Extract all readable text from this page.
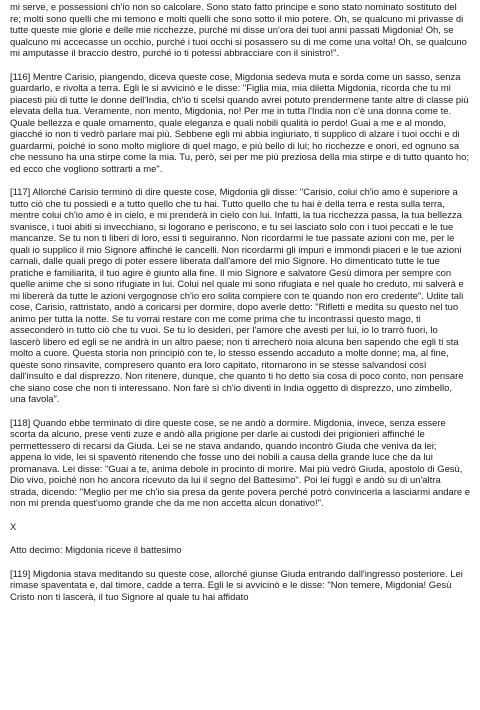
mi serve, e possessioni ch'io non so calcolare. Sono stato fatto principe e sono stato nominato sostituto del re; molti sono quelli che mi temono e molti quelli che sono sotto il mio potere. Oh, se qualcuno mi privasse di tutte queste mie glorie e delle mie ricchezze, purché mi disse un'ora dei tuoi anni passati Migdonia! Oh, se qualcuno mi accecasse un occhio, purché i tuoi occhi si posassero su di me come una volta! Oh, se qualcuno mi amputasse il braccio destro, purché io ti potessi abbracciare con il sinistro!".

[116] Mentre Carisio, piangendo, diceva queste cose, Migdonia sedeva muta e sorda come un sasso, senza guardarlo, e rivolta a terra. Egli le si avvicinò e le disse: "Figlia mia, mia diletta Migdonia, ricorda che tu mi piacesti più di tutte le donne dell'India, ch'io ti scelsi quando avrei potuto prendermene tante altre di classe più elevata della tua. Veramente, non mento, Migdonia, no! Per me in tutta l'India non c'è una donna come te. Quale bellezza e quale ornamento, quale eleganza e quali nobili qualità io perdo! Guai a me e al mondo, giacché io non ti vedrò parlare mai più. Sebbene egli mi abbia ingiuriato, ti supplico di alzare i tuoi occhi e di guardarmi, poiché io sono molto migliore di quel mago, e più bello di lui; ho ricchezze e onori, ed ognuno sa che nessuno ha una stirpe come la mia. Tu, però, sei per me più preziosa della mia stirpe e di tutto quanto ho; ed ecco che vogliono sottrarti a me".

[117] Allorché Carisio terminò di dire queste cose, Migdonia gli disse: "Carisio, colui ch'io amo è superiore a tutto ciò che tu possiedi e a tutto quello che tu hai. Tutto quello che tu hai è della terra e resta sulla terra, mentre colui ch'io amo è in cielo, e mi prenderà in cielo con lui. Infatti, la tua ricchezza passa, la tua bellezza svanisce, i tuoi abiti si invecchiano, si logorano e periscono, e tu sei lasciato solo con i tuoi peccati e le tue mancanze. Se tu non ti liberi di loro, essi ti seguiranno. Non ricordarmi le tue passate azioni con me, per le quali io supplico il mio Signore affinché le cancelli. Non ricordarmi gli impuri e immondi piaceri e le tue azioni carnali, dalle quali prego di poter essere liberata dall'amore del mio Signore. Ho dimenticato tutte le tue pratiche e familiarità, il tuo agire è giunto alla fine. Il mio Signore e salvatore Gesù dimora per sempre con quelle anime che si sono rifugiate in lui. Colui nel quale mi sono rifugiata e nel quale ho creduto, mi salverà e mi libererà da tutte le azioni vergognose ch'io ero solita compiere con te quando non ero credente". Udite tali cose, Carisio, rattristato, andò a coricarsi per dormire, dopo averle detto: "Rifletti e medita su questo nel tuo animo per tutta la notte. Se tu vorrai restare con me come prima che tu incontrassi questo mago, ti asseconderò in tutto ciò che tu vuoi. Se tu lo desideri, per l'amore che avesti per lui, io lo trarrò fuori, lo lascerò libero ed egli se ne andrà in un altro paese; non ti arrecherò noia alcuna ben sapendo che egli ti sta molto a cuore. Questa storia non principiò con te, lo stesso essendo accaduto a molte donne; ma, al fine, queste sono rinsavite, compresero quanto era loro capitato, ritornarono in se stesse salvandosi così dall'insulto e dal disprezzo. Non ritenere, dunque, che quanto ti ho detto sia cosa di poco conto, non pensare che siano cose che non ti interessano. Non farè sì ch'io diventi in India oggetto di disprezzo, uno zimbello, una favola".

[118] Quando ebbe terminato di dire queste cose, se ne andò a dormire. Migdonia, invece, senza essere scorta da alcuno, prese venti zuze e andò alla prigione per darle ai custodi dei prigionieri affinché le permettessero di recarsi da Giuda. Lei se ne stava andando, quando incontrò Giuda che veniva da lei; appena lo vide, lei si spaventò ritenendo che fosse uno dei nobili a causa della grande luce che da lui promanava. Lei disse: "Guai a te, anima debole in procinto di morire. Mai più vedrò Giuda, apostolo di Gesù, Dio vivo, poiché non ho ancora ricevuto da lui il segno del Battesimo". Poi lei fuggì e andò su di un'altra strada, dicendo: "Meglio per me ch'io sia presa da gente povera perché potrò convincerla a lasciarmi andare e non mi prenda quest'uomo grande che da me non accetta alcun donativo!".

X

Atto decimo: Migdonia riceve il battesimo

[119] Migdonia stava meditando su queste cose, allorché giunse Giuda entrando dall'ingresso posteriore. Lei rimase spaventata e, dal timore, cadde a terra. Egli le si avvicinò e le disse: "Non temere, Migdonia! Gesù Cristo non ti lascerà, il tuo Signore al quale tu hai affidato
